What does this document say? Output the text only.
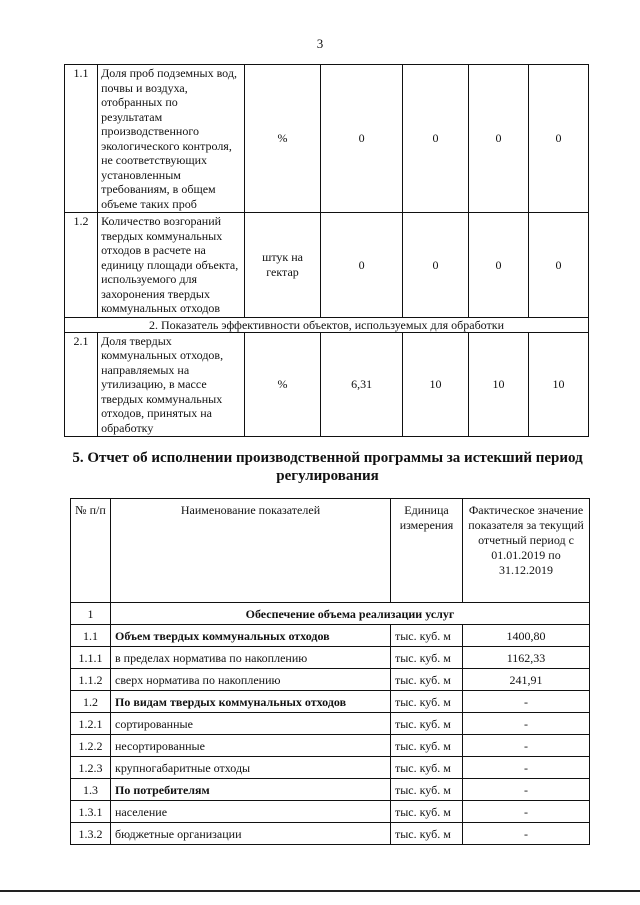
3
1.1	Доля проб подземных вод, почвы и воздуха, отобранных по результатам производственного экологического контроля, не соответствующих установленным требованиям, в общем объеме таких проб	%	0	0	0	0
1.2	Количество возгораний твердых коммунальных отходов в расчете на единицу площади объекта, используемого для захоронения твердых коммунальных отходов	штук на гектар	0	0	0	0
2. Показатель эффективности объектов, используемых для обработки						
2.1	Доля твердых коммунальных отходов, направляемых на утилизацию, в массе твердых коммунальных отходов, принятых на обработку	%	6,31	10	10	10
5. Отчет об исполнении производственной программы за истекший период регулирования
№ п/п	Наименование показателей	Единица измерения	Фактическое значение показателя за текущий отчетный период с 01.01.2019 по 31.12.2019
1	Обеспечение объема реализации услуг		
1.1	Объем твердых коммунальных отходов	тыс. куб. м	1400,80
1.1.1	в пределах норматива по накоплению	тыс. куб. м	1162,33
1.1.2	сверх норматива по накоплению	тыс. куб. м	241,91
1.2	По видам твердых коммунальных отходов	тыс. куб. м	-
1.2.1	сортированные	тыс. куб. м	-
1.2.2	несортированные	тыс. куб. м	-
1.2.3	крупногабаритные отходы	тыс. куб. м	-
1.3	По потребителям	тыс. куб. м	-
1.3.1	население	тыс. куб. м	-
1.3.2	бюджетные организации	тыс. куб. м	-
